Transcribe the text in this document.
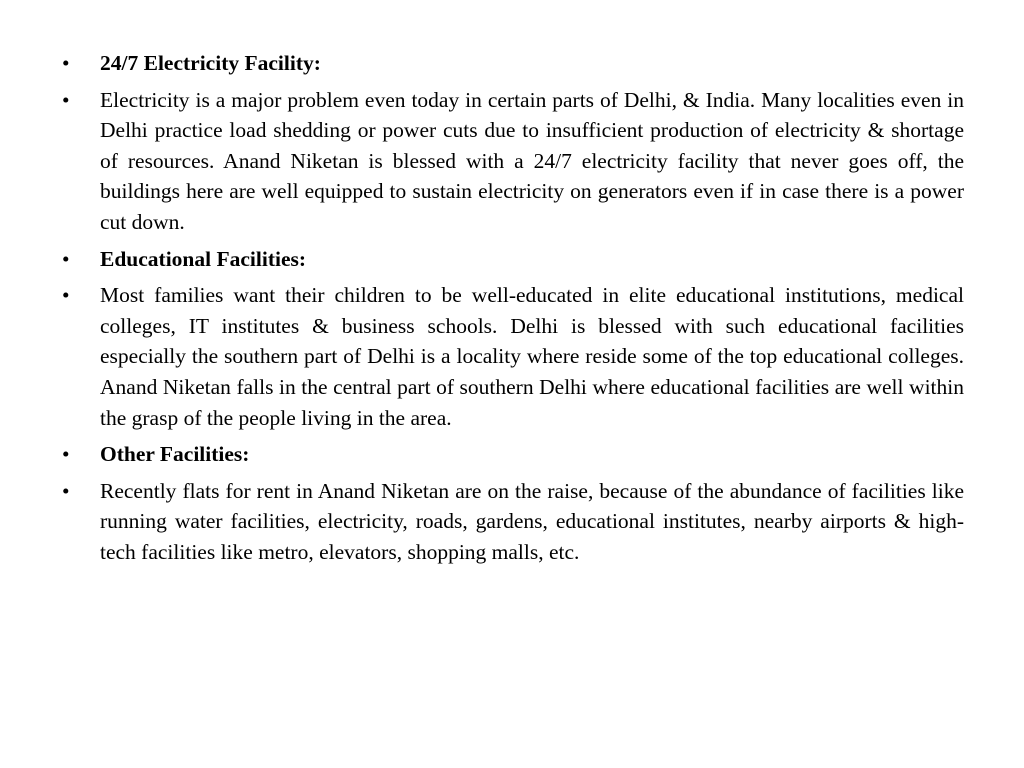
•	24/7 Electricity Facility:
•	Electricity is a major problem even today in certain parts of Delhi, & India. Many localities even in Delhi practice load shedding or power cuts due to insufficient production of electricity & shortage of resources. Anand Niketan is blessed with a 24/7 electricity facility that never goes off, the buildings here are well equipped to sustain electricity on generators even if in case there is a power cut down.
•	Educational Facilities:
•	Most families want their children to be well-educated in elite educational institutions, medical colleges, IT institutes & business schools. Delhi is blessed with such educational facilities especially the southern part of Delhi is a locality where reside some of the top educational colleges. Anand Niketan falls in the central part of southern Delhi where educational facilities are well within the grasp of the people living in the area.
•	Other Facilities:
•	Recently flats for rent in Anand Niketan are on the raise, because of the abundance of facilities like running water facilities, electricity, roads, gardens, educational institutes, nearby airports & high-tech facilities like metro, elevators, shopping malls, etc.
